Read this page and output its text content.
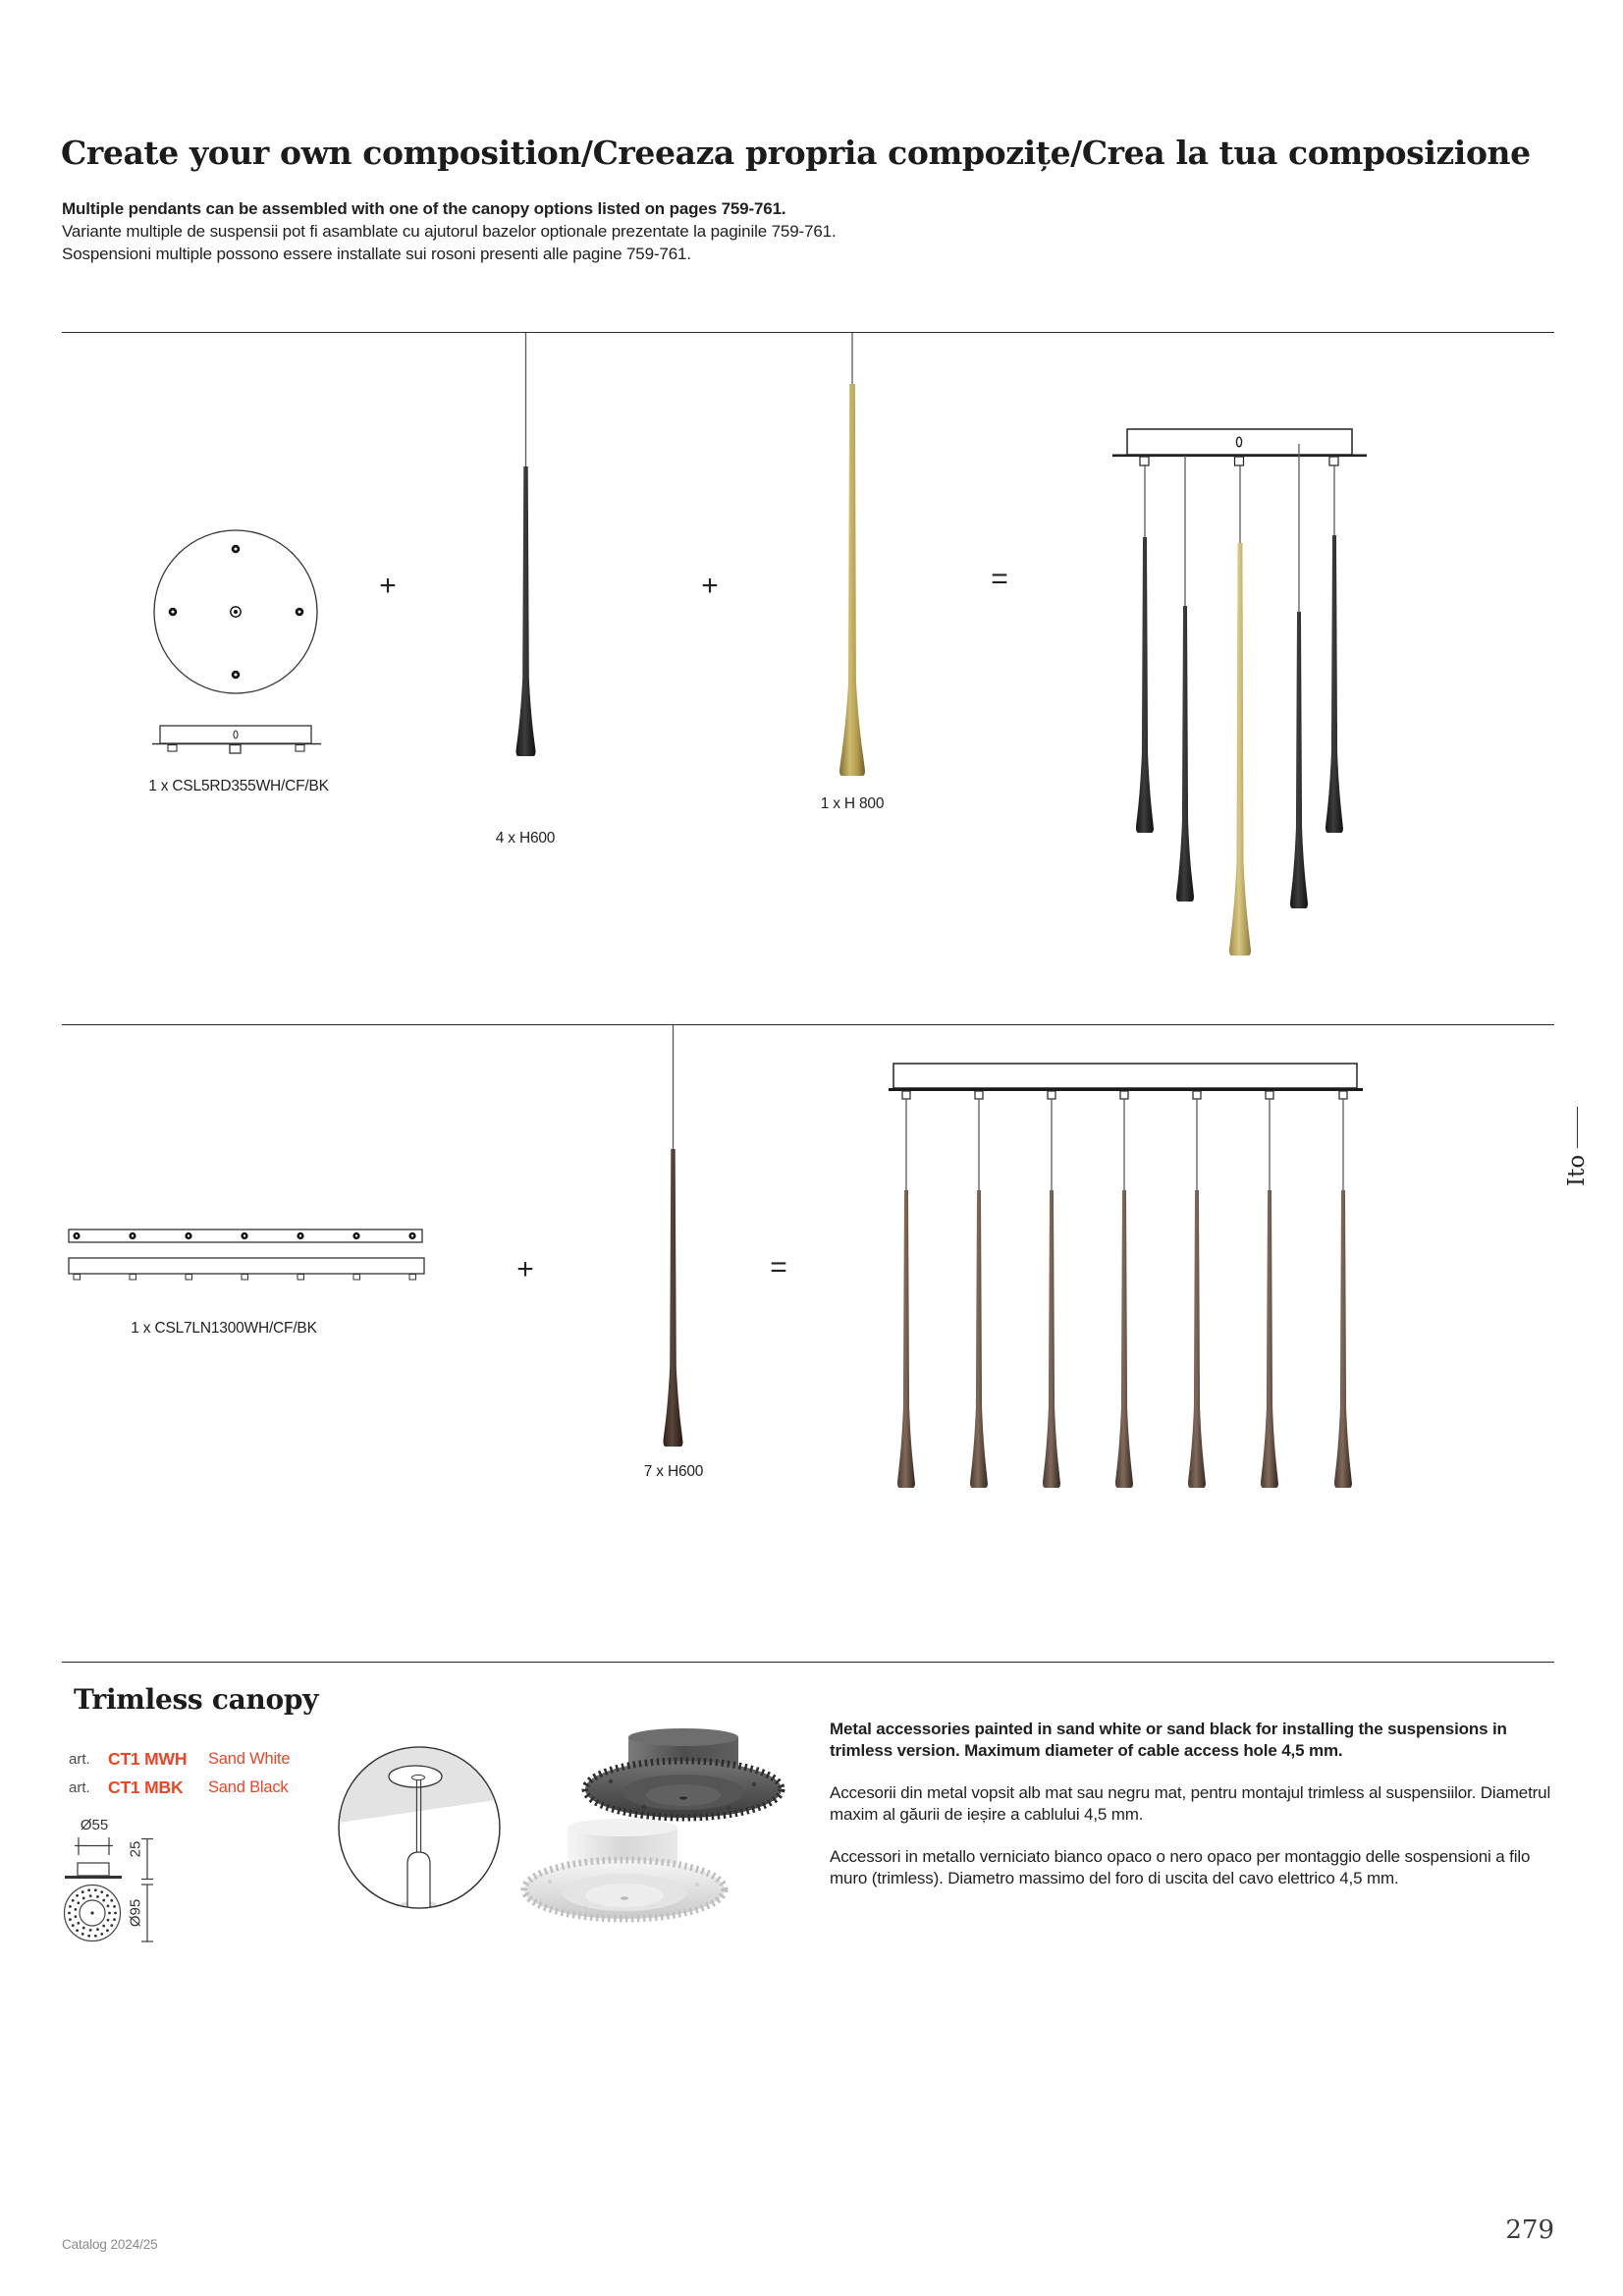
Create your own composition/Creeaza propria compozițe/Crea la tua composizione
Multiple pendants can be assembled with one of the canopy options listed on pages 759-761.
Variante multiple de suspensii pot fi asamblate cu ajutorul bazelor optionale prezentate la paginile 759-761.
Sospensioni multiple possono essere installate sui rosoni presenti alle pagine 759-761.
+	+	=
1 x CSL5RD355WH/CF/BK
4 x H600
1 x H 800
+	=
1 x CSL7LN1300WH/CF/BK
7 x H600
Ito
Trimless canopy
art. CT1 MWH Sand White
art. CT1 MBK Sand Black
Ø55
25
Ø95

Metal accessories painted in sand white or sand black for installing the suspensions in trimless version. Maximum diameter of cable access hole 4,5 mm.

Accesorii din metal vopsit alb mat sau negru mat, pentru montajul trimless al suspensiilor. Diametrul maxim al găurii de ieșire a cablului 4,5 mm.

Accessori in metallo verniciato bianco opaco o nero opaco per montaggio delle sospensioni a filo muro (trimless). Diametro massimo del foro di uscita del cavo elettrico 4,5 mm.

Catalog 2024/25	279
